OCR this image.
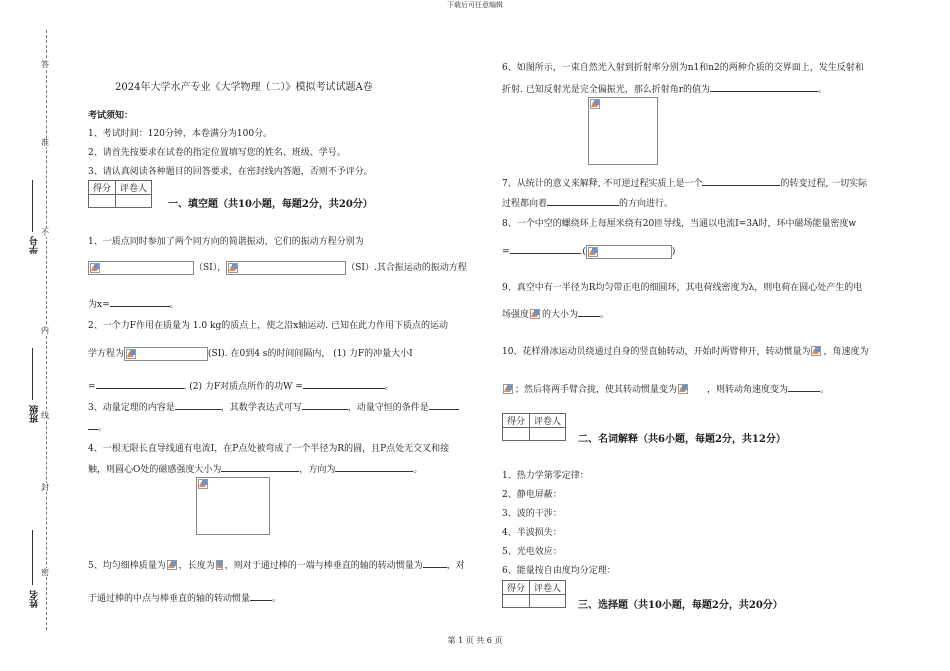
下载后可任意编辑
答
准
不
内
线
封
密
学号
班级
姓名
2024年大学水产专业《大学物理（二）》模拟考试试题A卷
考试须知：
1、考试时间：120分钟，本卷满分为100分。
2、请首先按要求在试卷的指定位置填写您的姓名、班级、学号。
3、请认真阅读各种题目的回答要求，在密封线内答题，否则不予评分。
得分	评卷人

一、填空题（共10小题，每题2分，共20分）
1、一质点同时参加了两个同方向的简谐振动，它们的振动方程分别为
（SI），	（SI）.其合振运动的振动方程
为x=	。
2、一个力F作用在质量为 1.0 kg的质点上，使之沿x轴运动. 已知在此力作用下质点的运动
学方程为	(SI). 在0到4 s的时间间隔内， (1) 力F的冲量大小I
=	. (2) 力F对质点所作的功W =	。
3、动量定理的内容是	，其数学表达式可写	，动量守恒的条件是
。
4、一根无限长直导线通有电流I，在P点处被弯成了一个半径为R的圆，且P点处无交叉和接
触，则圆心O处的磁感强度大小为	，方向为	。
5、均匀细棒质量为 ，长度为 ，则对于通过棒的一端与棒垂直的轴的转动惯量为	，对
于通过棒的中点与棒垂直的轴的转动惯量 。
6、如图所示，一束自然光入射到折射率分别为n1和n2的两种介质的交界面上，发生反射和
折射. 已知反射光是完全偏振光，那么折射角r的值为	。
7、从统计的意义来解释, 不可逆过程实质上是一个	的转变过程, 一切实际
过程都向着	的方向进行。
8、一个中空的螺绕环上每厘米绕有20匝导线，当通以电流I=3A时，环中磁场能量密度w
=	.(	)
9、真空中有一半径为R均匀带正电的细圆环，其电荷线密度为λ，则电荷在圆心处产生的电
场强度 的大小为 。
10、花样滑冰运动员绕通过自身的竖直轴转动，开始时两臂伸开，转动惯量为 ，角速度为
；然后将两手臂合拢，使其转动惯量变为	，则转动角速度变为	。
得分	评卷人

二、名词解释（共6小题，每题2分，共12分）
1、热力学第零定律：
2、静电屏蔽：
3、波的干涉：
4、半波损失：
5、光电效应：
6、能量按自由度均分定理：
得分	评卷人

三、选择题（共10小题，每题2分，共20分）
第 1 页 共 6 页
